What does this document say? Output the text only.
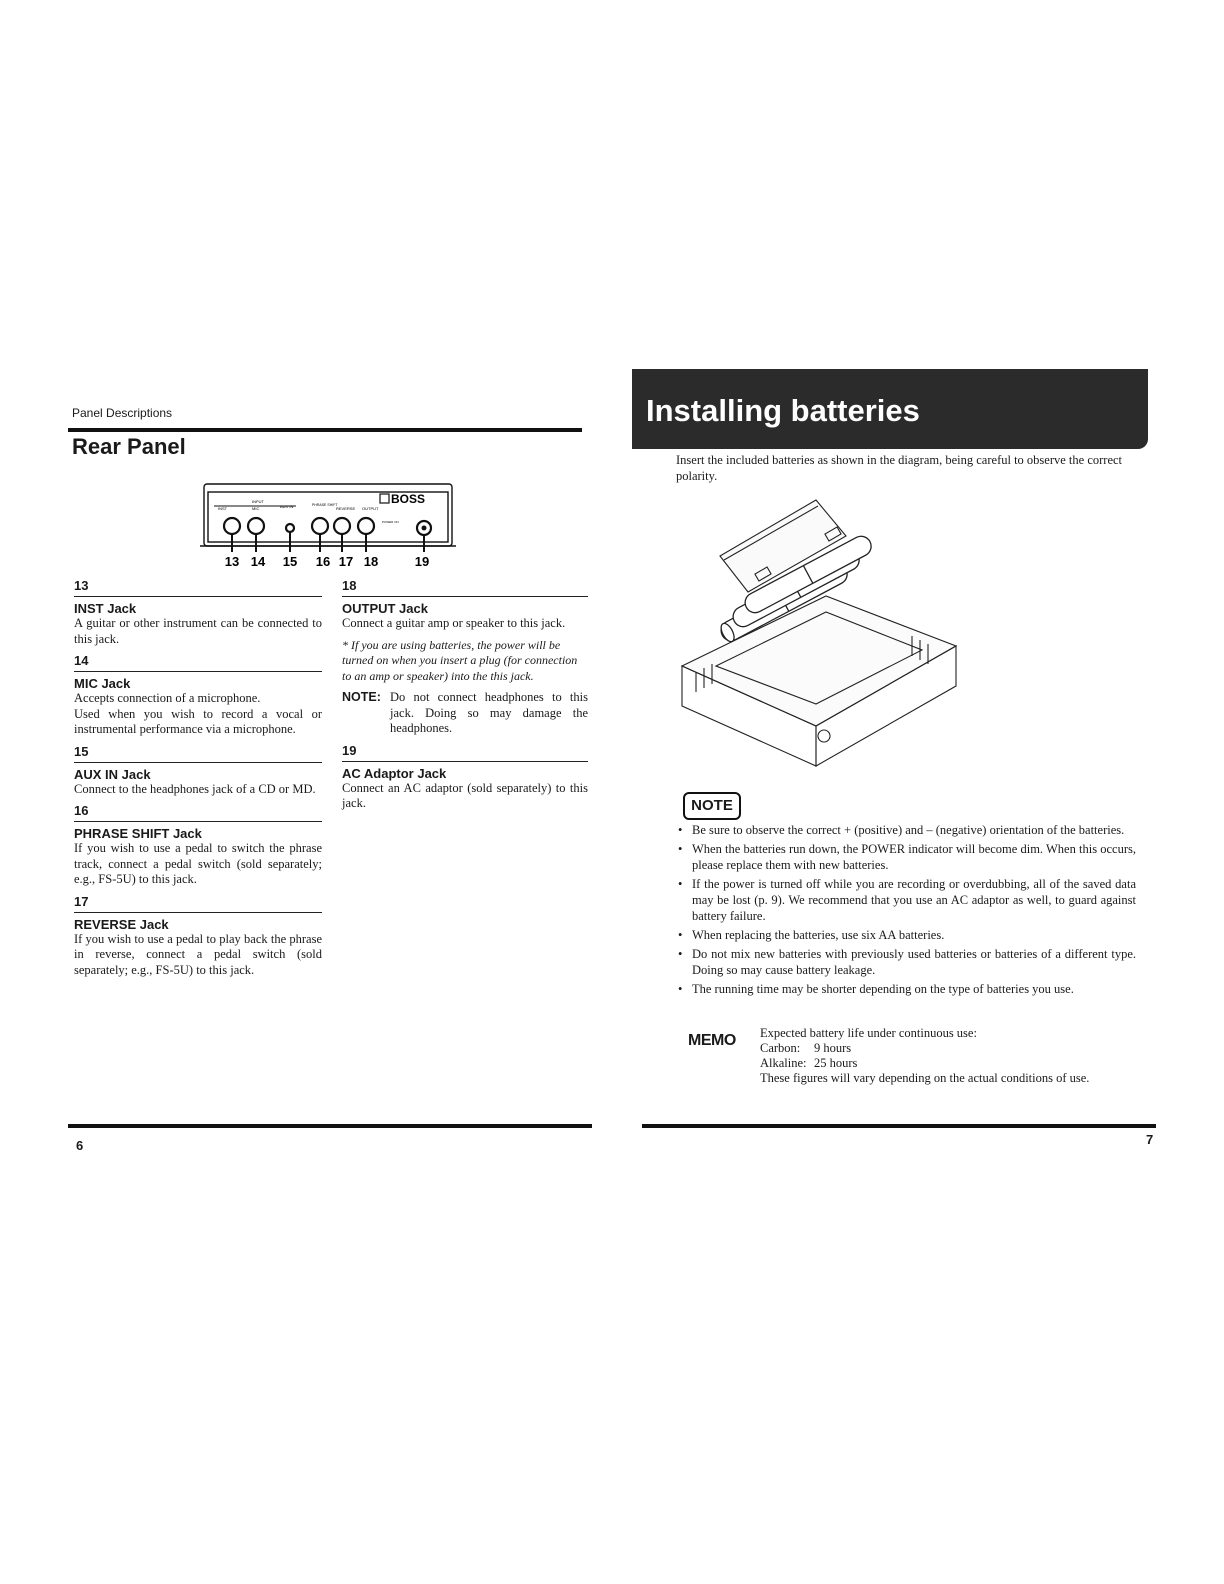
Panel Descriptions
Rear Panel
INST	MIC
INPUT
AUX IN	PHRASE SHIFT
REVERSE OUTPUT
POWER ON
BOSS
13 14 15 16 17 18	19
13
INST Jack
A guitar or other instrument can be connected to this jack.
14
MIC Jack
Accepts connection of a microphone.
Used when you wish to record a vocal or instrumental performance via a microphone.
15
AUX IN Jack
Connect to the headphones jack of a CD or MD.
16
PHRASE SHIFT Jack
If you wish to use a pedal to switch the phrase track, connect a pedal switch (sold separately; e.g., FS-5U) to this jack.
17
REVERSE Jack
If you wish to use a pedal to play back the phrase in reverse, connect a pedal switch (sold separately; e.g., FS-5U) to this jack.
18
OUTPUT Jack
Connect a guitar amp or speaker to this jack.
* If you are using batteries, the power will be turned on when you insert a plug (for connection to an amp or speaker) into the this jack.
NOTE: Do not connect headphones to this jack. Doing so may damage the headphones.
19
AC Adaptor Jack
Connect an AC adaptor (sold separately) to this jack.
6
Installing batteries
Insert the included batteries as shown in the diagram, being careful to observe the correct polarity.
NOTE
• Be sure to observe the correct + (positive) and – (negative) orientation of the batteries.
• When the batteries run down, the POWER indicator will become dim. When this occurs, please replace them with new batteries.
• If the power is turned off while you are recording or overdubbing, all of the saved data may be lost (p. 9). We recommend that you use an AC adaptor as well, to guard against battery failure.
• When replacing the batteries, use six AA batteries.
• Do not mix new batteries with previously used batteries or batteries of a different type. Doing so may cause battery leakage.
• The running time may be shorter depending on the type of batteries you use.
MEMO	Expected battery life under continuous use:
Carbon:	9 hours
Alkaline: 25 hours
These figures will vary depending on the actual conditions of use.
7
